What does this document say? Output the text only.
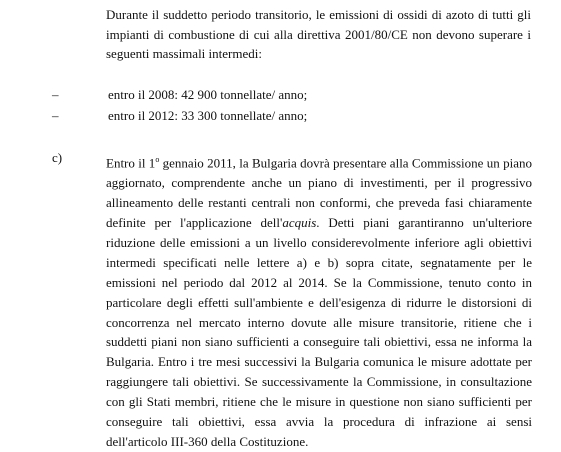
Durante il suddetto periodo transitorio, le emissioni di ossidi di azoto di tutti gli impianti di combustione di cui alla direttiva 2001/80/CE non devono superare i seguenti massimali intermedi:

–	entro il 2008: 42 900 tonnellate/ anno;
–	entro il 2012: 33 300 tonnellate/ anno;
c)	Entro il 1$^o$ gennaio 2011, la Bulgaria dovrà presentare alla Commissione un piano aggiornato, comprendente anche un piano di investimenti, per il progressivo allineamento delle restanti centrali non conformi, che preveda fasi chiaramente definite per l'applicazione dell'acquis. Detti piani garantiranno un'ulteriore riduzione delle emissioni a un livello considerevolmente inferiore agli obiettivi intermedi specificati nelle lettere a) e b) sopra citate, segnatamente per le emissioni nel periodo dal 2012 al 2014. Se la Commissione, tenuto conto in particolare degli effetti sull'ambiente e dell'esigenza di ridurre le distorsioni di concorrenza nel mercato interno dovute alle misure transitorie, ritiene che i suddetti piani non siano sufficienti a conseguire tali obiettivi, essa ne informa la Bulgaria. Entro i tre mesi successivi la Bulgaria comunica le misure adottate per raggiungere tali obiettivi. Se successivamente la Commissione, in consultazione con gli Stati membri, ritiene che le misure in questione non siano sufficienti per conseguire tali obiettivi, essa avvia la procedura di infrazione ai sensi dell'articolo III-360 della Costituzione.
